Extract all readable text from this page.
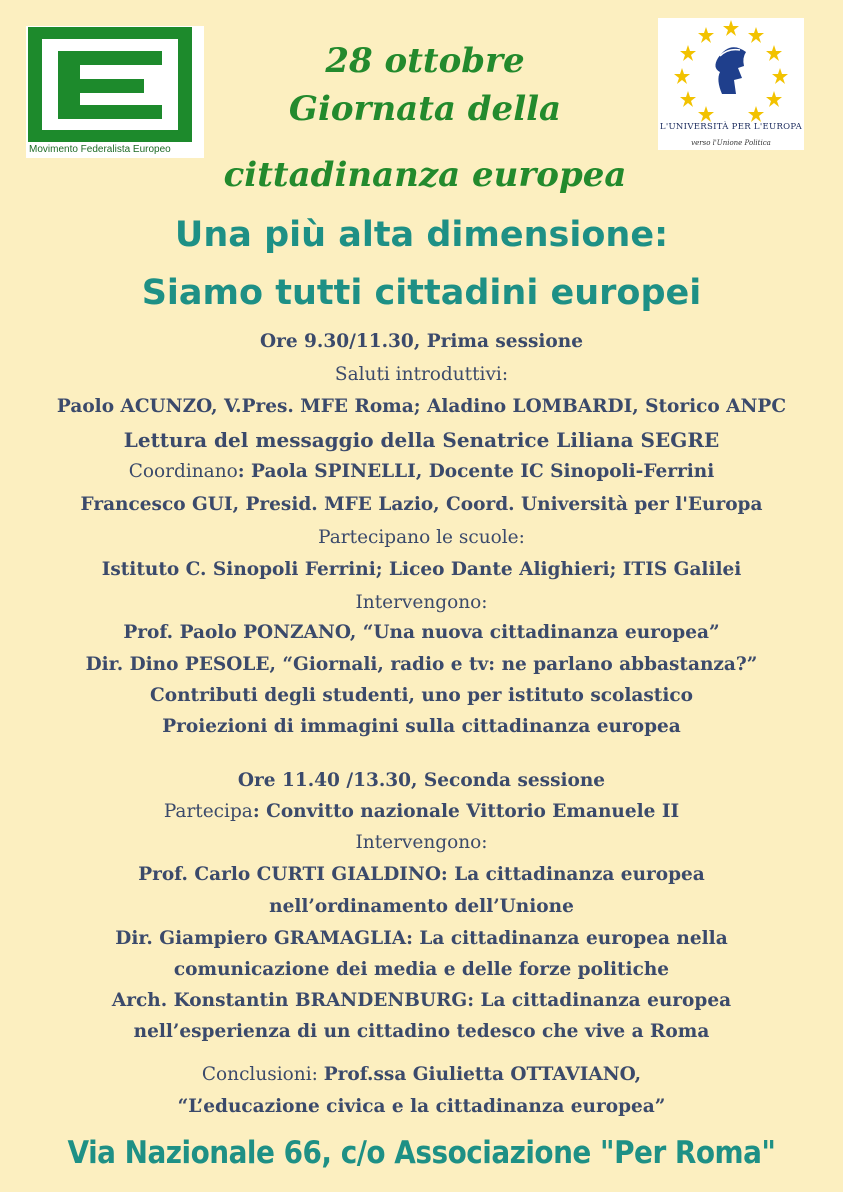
Movimento Federalista Europeo
L'UNIVERSITÀ PER L'EUROPA
verso l'Unione Politica
28 ottobre
Giornata della
cittadinanza europea
Una più alta dimensione:
Siamo tutti cittadini europei
Ore 9.30/11.30, Prima sessione
Saluti introduttivi:
Paolo ACUNZO, V.Pres. MFE Roma; Aladino LOMBARDI, Storico ANPC
Lettura del messaggio della Senatrice Liliana SEGRE
Coordinano: Paola SPINELLI, Docente IC Sinopoli-Ferrini
Francesco GUI, Presid. MFE Lazio, Coord. Università per l'Europa
Partecipano le scuole:
Istituto C. Sinopoli Ferrini; Liceo Dante Alighieri; ITIS Galilei
Intervengono:
Prof. Paolo PONZANO, “Una nuova cittadinanza europea”
Dir. Dino PESOLE, “Giornali, radio e tv: ne parlano abbastanza?”
Contributi degli studenti, uno per istituto scolastico
Proiezioni di immagini sulla cittadinanza europea
Ore 11.40 /13.30, Seconda sessione
Partecipa: Convitto nazionale Vittorio Emanuele II
Intervengono:
Prof. Carlo CURTI GIALDINO: La cittadinanza europea
nell’ordinamento dell’Unione
Dir. Giampiero GRAMAGLIA: La cittadinanza europea nella
comunicazione dei media e delle forze politiche
Arch. Konstantin BRANDENBURG: La cittadinanza europea
nell’esperienza di un cittadino tedesco che vive a Roma
Conclusioni: Prof.ssa Giulietta OTTAVIANO,
“L’educazione civica e la cittadinanza europea”
Via Nazionale 66, c/o Associazione "Per Roma"
